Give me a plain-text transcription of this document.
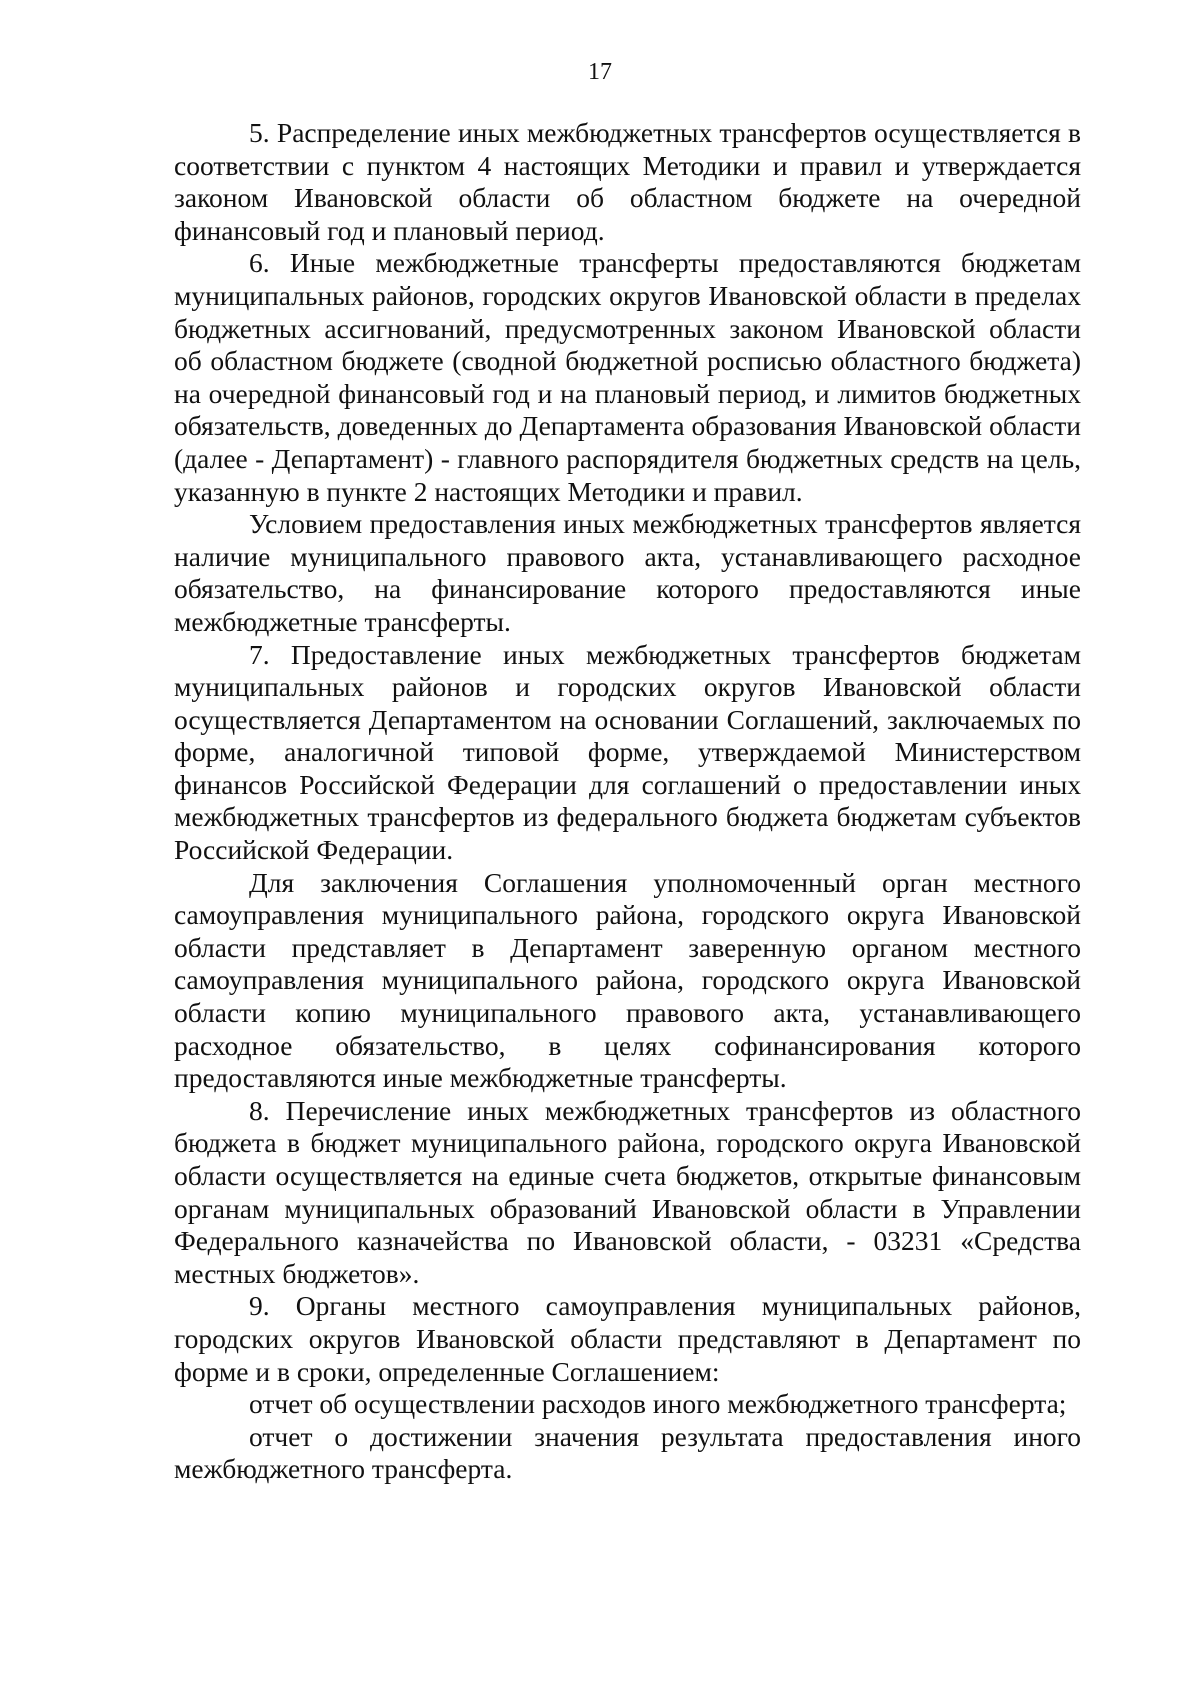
17

5. Распределение иных межбюджетных трансфертов осуществляется в соответствии с пунктом 4 настоящих Методики и правил и утверждается законом Ивановской области об областном бюджете на очередной финансовый год и плановый период.

6. Иные межбюджетные трансферты предоставляются бюджетам муниципальных районов, городских округов Ивановской области в пределах бюджетных ассигнований, предусмотренных законом Ивановской области об областном бюджете (сводной бюджетной росписью областного бюджета) на очередной финансовый год и на плановый период, и лимитов бюджетных обязательств, доведенных до Департамента образования Ивановской области (далее - Департамент) - главного распорядителя бюджетных средств на цель, указанную в пункте 2 настоящих Методики и правил.

Условием предоставления иных межбюджетных трансфертов является наличие муниципального правового акта, устанавливающего расходное обязательство, на финансирование которого предоставляются иные межбюджетные трансферты.

7. Предоставление иных межбюджетных трансфертов бюджетам муниципальных районов и городских округов Ивановской области осуществляется Департаментом на основании Соглашений, заключаемых по форме, аналогичной типовой форме, утверждаемой Министерством финансов Российской Федерации для соглашений о предоставлении иных межбюджетных трансфертов из федерального бюджета бюджетам субъектов Российской Федерации.

Для заключения Соглашения уполномоченный орган местного самоуправления муниципального района, городского округа Ивановской области представляет в Департамент заверенную органом местного самоуправления муниципального района, городского округа Ивановской области копию муниципального правового акта, устанавливающего расходное обязательство, в целях софинансирования которого предоставляются иные межбюджетные трансферты.

8. Перечисление иных межбюджетных трансфертов из областного бюджета в бюджет муниципального района, городского округа Ивановской области осуществляется на единые счета бюджетов, открытые финансовым органам муниципальных образований Ивановской области в Управлении Федерального казначейства по Ивановской области, - 03231 «Средства местных бюджетов».

9. Органы местного самоуправления муниципальных районов, городских округов Ивановской области представляют в Департамент по форме и в сроки, определенные Соглашением:

отчет об осуществлении расходов иного межбюджетного трансферта;

отчет о достижении значения результата предоставления иного межбюджетного трансферта.
